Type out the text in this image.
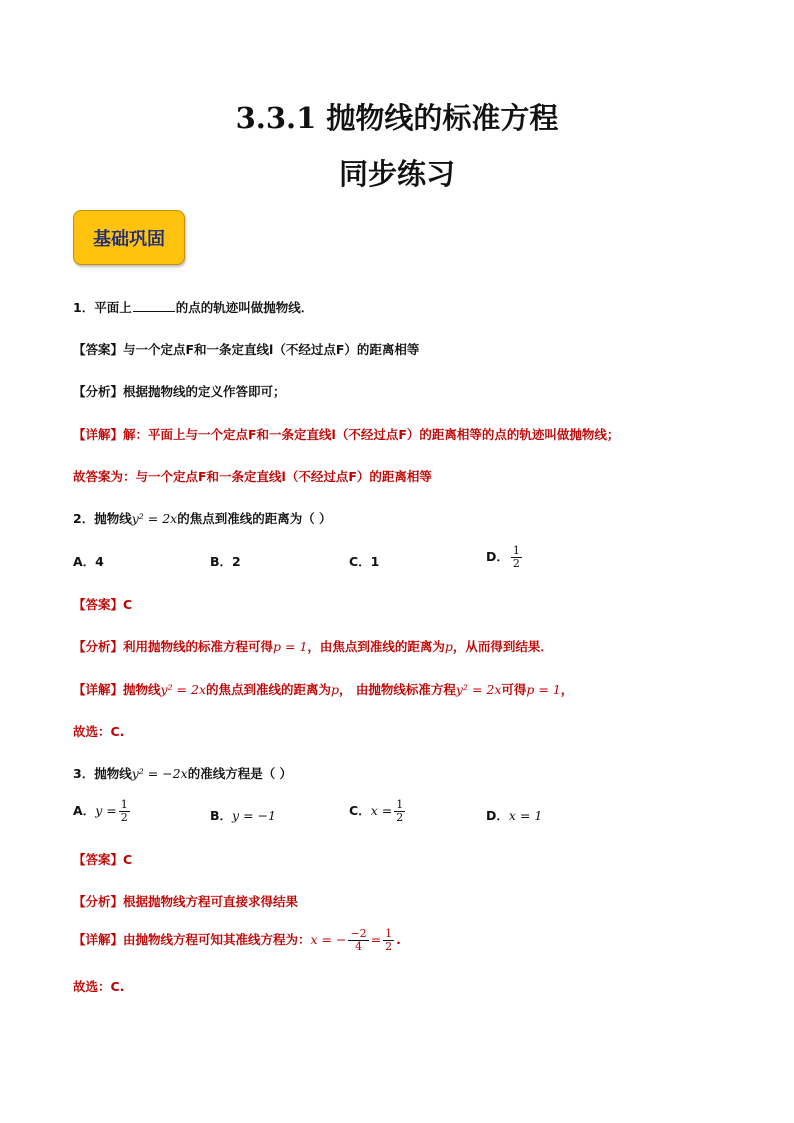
3.3.1 抛物线的标准方程
同步练习
基础巩固
1．平面上	的点的轨迹叫做抛物线．
【答案】与一个定点F和一条定直线l（不经过点F）的距离相等
【分析】根据抛物线的定义作答即可；
【详解】解：平面上与一个定点F和一条定直线l（不经过点F）的距离相等的点的轨迹叫做抛物线；
故答案为：与一个定点F和一条定直线l（不经过点F）的距离相等
2．抛物线y² = 2x的焦点到准线的距离为（ ）
A．4	B．2	C．1	D． $\frac{1}{2}$
【答案】C
【分析】利用抛物线的标准方程可得p = 1，由焦点到准线的距离为p，从而得到结果．
【详解】抛物线y² = 2x的焦点到准线的距离为p， 由抛物线标准方程y² = 2x可得p = 1，
故选：C.
3．抛物线y² = −2x的准线方程是（ ）
A．$y = \frac{1}{2}$	B．y = −1	C．$x = \frac{1}{2}$	D．x = 1
【答案】C
【分析】根据抛物线方程可直接求得结果
【详解】由抛物线方程可知其准线方程为：x = − $\frac{-2}{4} = \frac{1}{2}$ .
故选：C.
